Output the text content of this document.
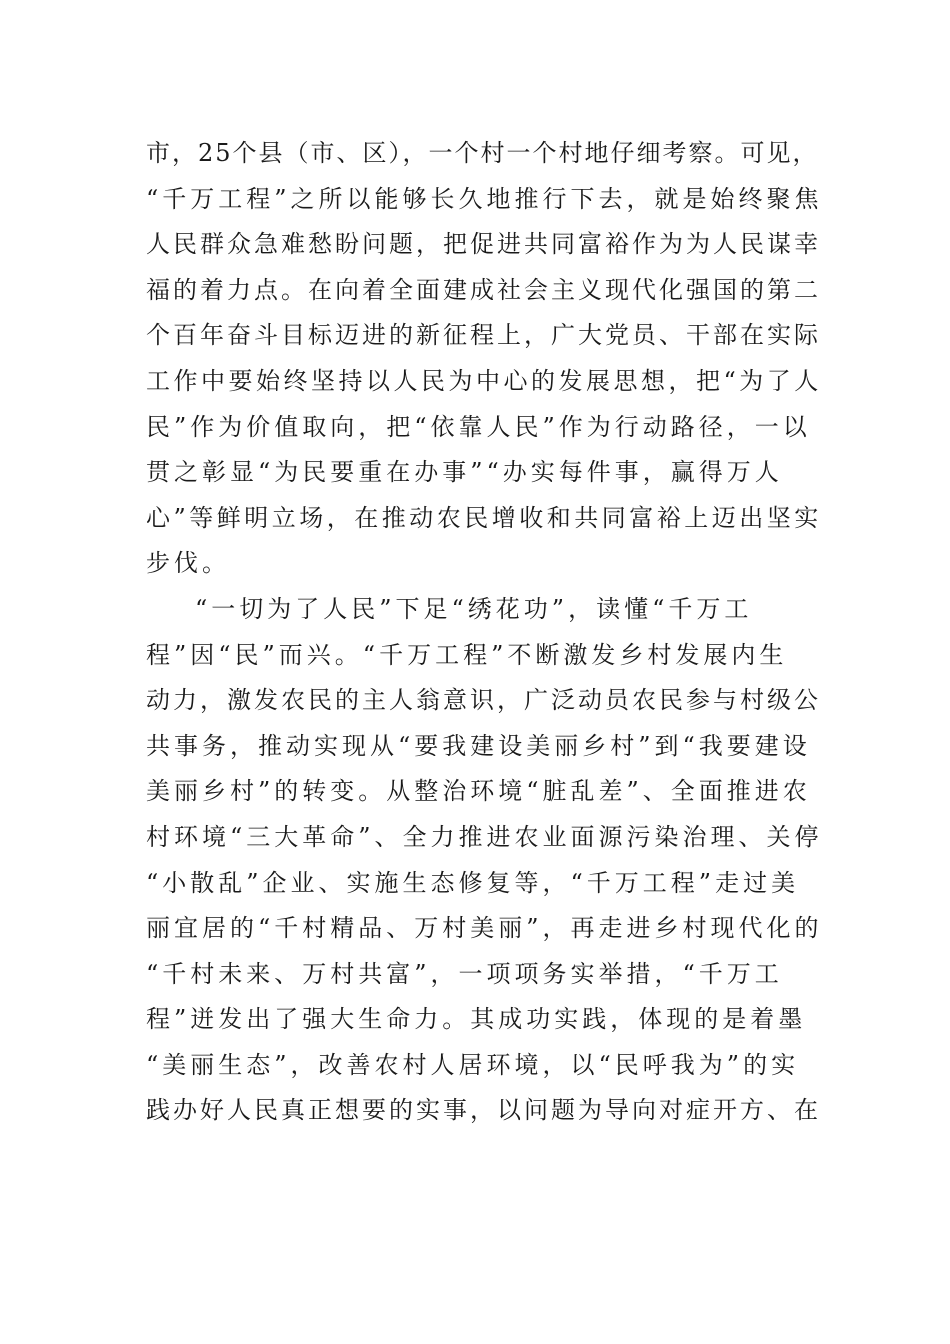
市，25个县（市、区），一个村一个村地仔细考察。可见，
“千万工程”之所以能够长久地推行下去，就是始终聚焦
人民群众急难愁盼问题，把促进共同富裕作为为人民谋幸
福的着力点。在向着全面建成社会主义现代化强国的第二
个百年奋斗目标迈进的新征程上，广大党员、干部在实际
工作中要始终坚持以人民为中心的发展思想，把“为了人
民”作为价值取向，把“依靠人民”作为行动路径，一以
贯之彰显“为民要重在办事”“办实每件事，赢得万人
心”等鲜明立场，在推动农民增收和共同富裕上迈出坚实
步伐。
“一切为了人民”下足“绣花功”，读懂“千万工
程”因“民”而兴。“千万工程”不断激发乡村发展内生
动力，激发农民的主人翁意识，广泛动员农民参与村级公
共事务，推动实现从“要我建设美丽乡村”到“我要建设
美丽乡村”的转变。从整治环境“脏乱差”、全面推进农
村环境“三大革命”、全力推进农业面源污染治理、关停
“小散乱”企业、实施生态修复等，“千万工程”走过美
丽宜居的“千村精品、万村美丽”，再走进乡村现代化的
“千村未来、万村共富”，一项项务实举措，“千万工
程”迸发出了强大生命力。其成功实践，体现的是着墨
“美丽生态”，改善农村人居环境，以“民呼我为”的实
践办好人民真正想要的实事，以问题为导向对症开方、在
